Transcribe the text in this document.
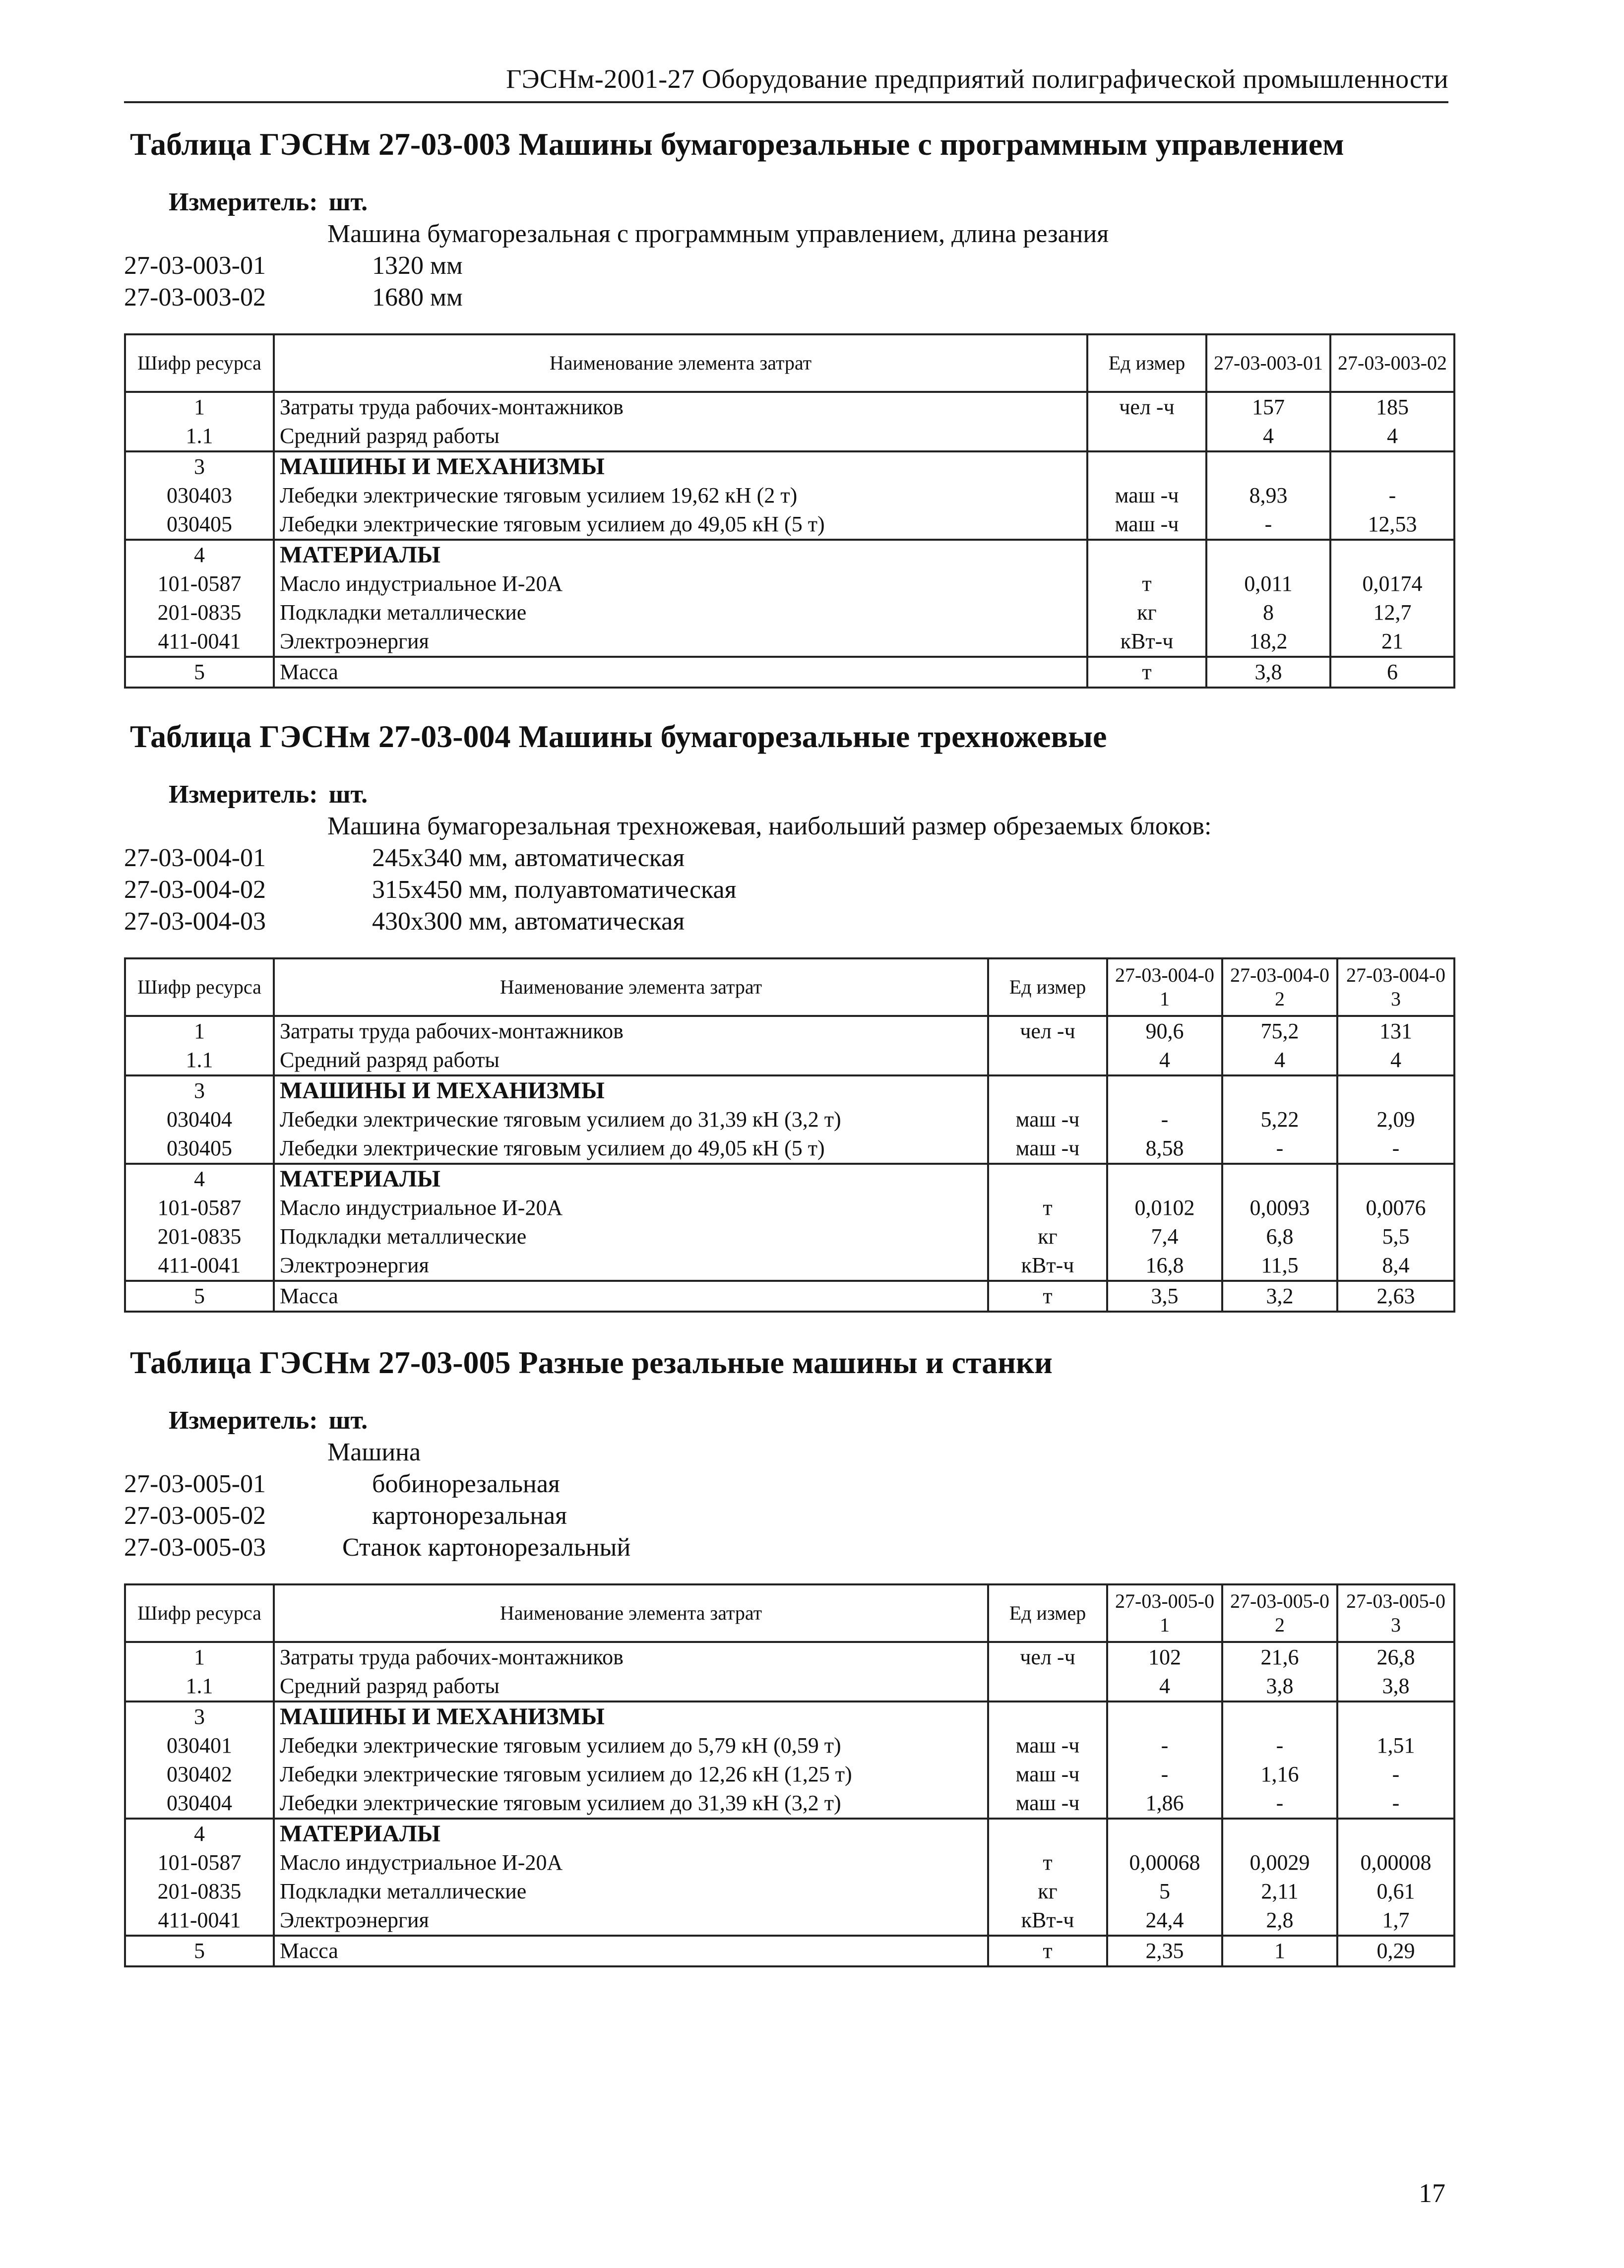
ГЭСНм-2001-27 Оборудование предприятий полиграфической промышленности
Таблица ГЭСНм 27-03-003 Машины бумагорезальные с программным управлением
Измеритель: шт.
Машина бумагорезальная с программным управлением, длина резания
27-03-003-01	1320 мм
27-03-003-02	1680 мм
Шифр ресурса	Наименование элемента затрат	Ед измер	27-03-003-01	27-03-003-02
1	Затраты труда рабочих-монтажников	чел -ч	157	185
1.1	Средний разряд работы		4	4
3	МАШИНЫ И МЕХАНИЗМЫ			
030403	Лебедки электрические тяговым усилием 19,62 кН (2 т)	маш -ч	8,93	-
030405	Лебедки электрические тяговым усилием до 49,05 кН (5 т)	маш -ч	-	12,53
4	МАТЕРИАЛЫ			
101-0587	Масло индустриальное И-20А	т	0,011	0,0174
201-0835	Подкладки металлические	кг	8	12,7
411-0041	Электроэнергия	кВт-ч	18,2	21
5	Масса	т	3,8	6
Таблица ГЭСНм 27-03-004 Машины бумагорезальные трехножевые
Измеритель: шт.
Машина бумагорезальная трехножевая, наибольший размер обрезаемых блоков:
27-03-004-01	245x340 мм, автоматическая
27-03-004-02	315x450 мм, полуавтоматическая
27-03-004-03	430x300 мм, автоматическая
Шифр ресурса	Наименование элемента затрат	Ед измер	27-03-004-01	27-03-004-02	27-03-004-03
1	Затраты труда рабочих-монтажников	чел -ч	90,6	75,2	131
1.1	Средний разряд работы		4	4	4
3	МАШИНЫ И МЕХАНИЗМЫ				
030404	Лебедки электрические тяговым усилием до 31,39 кН (3,2 т)	маш -ч	-	5,22	2,09
030405	Лебедки электрические тяговым усилием до 49,05 кН (5 т)	маш -ч	8,58	-	-
4	МАТЕРИАЛЫ				
101-0587	Масло индустриальное И-20А	т	0,0102	0,0093	0,0076
201-0835	Подкладки металлические	кг	7,4	6,8	5,5
411-0041	Электроэнергия	кВт-ч	16,8	11,5	8,4
5	Масса	т	3,5	3,2	2,63
Таблица ГЭСНм 27-03-005 Разные резальные машины и станки
Измеритель: шт.
Машина
27-03-005-01	бобинорезальная
27-03-005-02	картонорезальная
27-03-005-03	Станок картонорезальный
Шифр ресурса	Наименование элемента затрат	Ед измер	27-03-005-01	27-03-005-02	27-03-005-03
1	Затраты труда рабочих-монтажников	чел -ч	102	21,6	26,8
1.1	Средний разряд работы		4	3,8	3,8
3	МАШИНЫ И МЕХАНИЗМЫ				
030401	Лебедки электрические тяговым усилием до 5,79 кН (0,59 т)	маш -ч	-	-	1,51
030402	Лебедки электрические тяговым усилием до 12,26 кН (1,25 т)	маш -ч	-	1,16	-
030404	Лебедки электрические тяговым усилием до 31,39 кН (3,2 т)	маш -ч	1,86	-	-
4	МАТЕРИАЛЫ				
101-0587	Масло индустриальное И-20А	т	0,00068	0,0029	0,00008
201-0835	Подкладки металлические	кг	5	2,11	0,61
411-0041	Электроэнергия	кВт-ч	24,4	2,8	1,7
5	Масса	т	2,35	1	0,29
17
